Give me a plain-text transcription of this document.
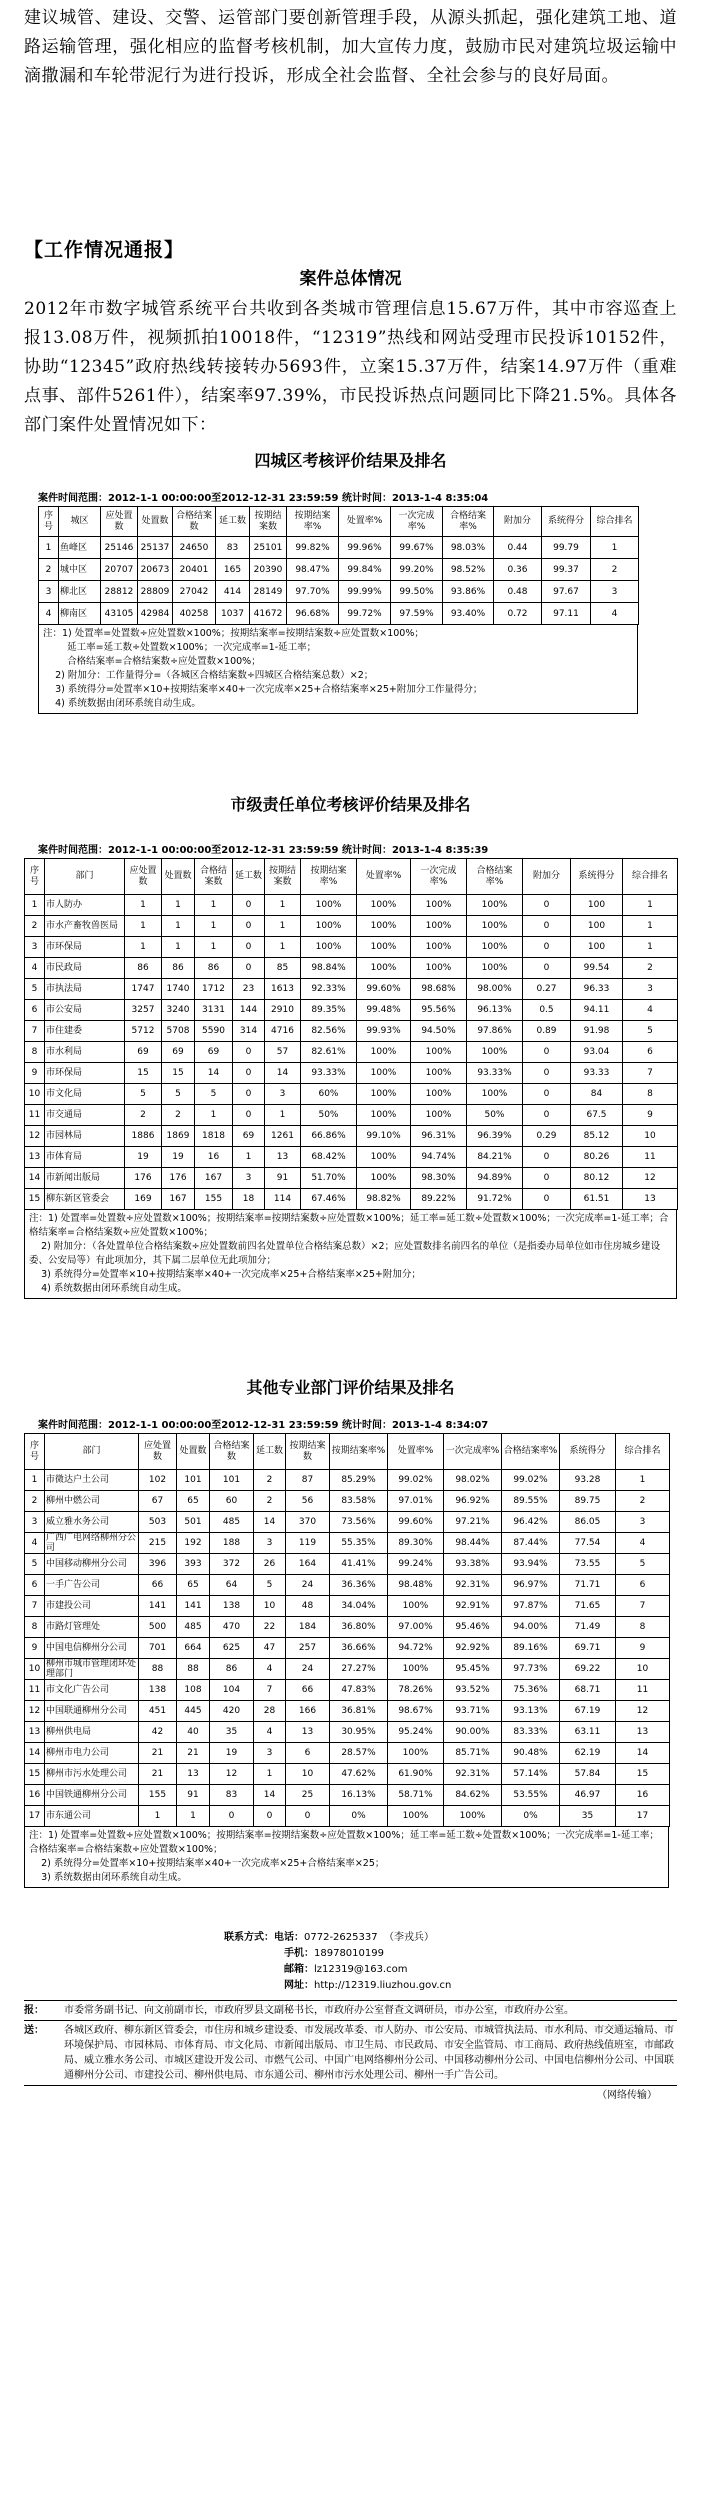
建议城管、建设、交警、运管部门要创新管理手段，从源头抓起，强化建筑工地、道路运输管理，强化相应的监督考核机制，加大宣传力度，鼓励市民对建筑垃圾运输中滴撒漏和车轮带泥行为进行投诉，形成全社会监督、全社会参与的良好局面。

【工作情况通报】
案件总体情况

2012年市数字城管系统平台共收到各类城市管理信息15.67万件，其中市容巡查上报13.08万件，视频抓拍10018件，“12319”热线和网站受理市民投诉10152件，协助“12345”政府热线转接转办5693件，立案15.37万件，结案14.97万件（重难点事、部件5261件），结案率97.39%，市民投诉热点问题同比下降21.5%。具体各部门案件处置情况如下：

四城区考核评价结果及排名
案件时间范围：2012-1-1 00:00:00至2012-12-31 23:59:59 统计时间：2013-1-4 8:35:04
序号	城区	应处置数	处置数	合格结案数	延工数	按期结案数	按期结案率%	处置率%	一次完成率%	合格结案率%	附加分	系统得分	综合排名
1	鱼峰区	25146	25137	24650	83	25101	99.82%	99.96%	99.67%	98.03%	0.44	99.79	1
2	城中区	20707	20673	20401	165	20390	98.47%	99.84%	99.20%	98.52%	0.36	99.37	2
3	柳北区	28812	28809	27042	414	28149	97.70%	99.99%	99.50%	93.86%	0.48	97.67	3
4	柳南区	43105	42984	40258	1037	41672	96.68%	99.72%	97.59%	93.40%	0.72	97.11	4

注：1) 处置率=处置数÷应处置数×100%；按期结案率=按期结案数÷应处置数×100%；

延工率=延工数÷处置数×100%；一次完成率=1-延工率；

合格结案率=合格结案数÷应处置数×100%；

2) 附加分：工作量得分=（各城区合格结案数÷四城区合格结案总数）×2；

3) 系统得分=处置率×10+按期结案率×40+一次完成率×25+合格结案率×25+附加分工作量得分；

4) 系统数据由闭环系统自动生成。

市级责任单位考核评价结果及排名
案件时间范围：2012-1-1 00:00:00至2012-12-31 23:59:59 统计时间：2013-1-4 8:35:39
序号	部门	应处置数	处置数	合格结案数	延工数	按期结案数	按期结案率%	处置率%	一次完成率%	合格结案率%	附加分	系统得分	综合排名
1	市人防办	1	1	1	0	1	100%	100%	100%	100%	0	100	1
2	市水产畜牧兽医局	1	1	1	0	1	100%	100%	100%	100%	0	100	1
3	市环保局	1	1	1	0	1	100%	100%	100%	100%	0	100	1
4	市民政局	86	86	86	0	85	98.84%	100%	100%	100%	0	99.54	2
5	市执法局	1747	1740	1712	23	1613	92.33%	99.60%	98.68%	98.00%	0.27	96.33	3
6	市公安局	3257	3240	3131	144	2910	89.35%	99.48%	95.56%	96.13%	0.5	94.11	4
7	市住建委	5712	5708	5590	314	4716	82.56%	99.93%	94.50%	97.86%	0.89	91.98	5
8	市水利局	69	69	69	0	57	82.61%	100%	100%	100%	0	93.04	6
9	市环保局	15	15	14	0	14	93.33%	100%	100%	93.33%	0	93.33	7
10	市文化局	5	5	5	0	3	60%	100%	100%	100%	0	84	8
11	市交通局	2	2	1	0	1	50%	100%	100%	50%	0	67.5	9
12	市园林局	1886	1869	1818	69	1261	66.86%	99.10%	96.31%	96.39%	0.29	85.12	10
13	市体育局	19	19	16	1	13	68.42%	100%	94.74%	84.21%	0	80.26	11
14	市新闻出版局	176	176	167	3	91	51.70%	100%	98.30%	94.89%	0	80.12	12
15	柳东新区管委会	169	167	155	18	114	67.46%	98.82%	89.22%	91.72%	0	61.51	13

注：1) 处置率=处置数÷应处置数×100%；按期结案率=按期结案数÷应处置数×100%；延工率=延工数÷处置数×100%；一次完成率=1-延工率；合格结案率=合格结案数÷应处置数×100%；

2) 附加分：（各处置单位合格结案数÷应处置数前四名处置单位合格结案总数）×2；应处置数排名前四名的单位（是指委办局单位如市住房城乡建设委、公安局等）有此项加分，其下属二层单位无此项加分；

3) 系统得分=处置率×10+按期结案率×40+一次完成率×25+合格结案率×25+附加分；

4) 系统数据由闭环系统自动生成。

其他专业部门评价结果及排名
案件时间范围：2012-1-1 00:00:00至2012-12-31 23:59:59 统计时间：2013-1-4 8:34:07
序号	部门	应处置数	处置数	合格结案数	延工数	按期结案数	按期结案率%	处置率%	一次完成率%	合格结案率%	系统得分	综合排名
1	市微达户土公司	102	101	101	2	87	85.29%	99.02%	98.02%	99.02%	93.28	1
2	柳州中燃公司	67	65	60	2	56	83.58%	97.01%	96.92%	89.55%	89.75	2
3	威立雅水务公司	503	501	485	14	370	73.56%	99.60%	97.21%	96.42%	86.05	3
4	广西广电网络柳州分公司	215	192	188	3	119	55.35%	89.30%	98.44%	87.44%	77.54	4
5	中国移动柳州分公司	396	393	372	26	164	41.41%	99.24%	93.38%	93.94%	73.55	5
6	一手广告公司	66	65	64	5	24	36.36%	98.48%	92.31%	96.97%	71.71	6
7	市建投公司	141	141	138	10	48	34.04%	100%	92.91%	97.87%	71.65	7
8	市路灯管理处	500	485	470	22	184	36.80%	97.00%	95.46%	94.00%	71.49	8
9	中国电信柳州分公司	701	664	625	47	257	36.66%	94.72%	92.92%	89.16%	69.71	9
10	柳州市城市管理闭环处理部门	88	88	86	4	24	27.27%	100%	95.45%	97.73%	69.22	10
11	市文化广告公司	138	108	104	7	66	47.83%	78.26%	93.52%	75.36%	68.71	11
12	中国联通柳州分公司	451	445	420	28	166	36.81%	98.67%	93.71%	93.13%	67.19	12
13	柳州供电局	42	40	35	4	13	30.95%	95.24%	90.00%	83.33%	63.11	13
14	柳州市电力公司	21	21	19	3	6	28.57%	100%	85.71%	90.48%	62.19	14
15	柳州市污水处理公司	21	13	12	1	10	47.62%	61.90%	92.31%	57.14%	57.84	15
16	中国铁通柳州分公司	155	91	83	14	25	16.13%	58.71%	84.62%	53.55%	46.97	16
17	市东通公司	1	1	0	0	0	0%	100%	100%	0%	35	17

注：1) 处置率=处置数÷应处置数×100%；按期结案率=按期结案数÷应处置数×100%；延工率=延工数÷处置数×100%；一次完成率=1-延工率；合格结案率=合格结案数÷应处置数×100%；

2) 系统得分=处置率×10+按期结案率×40+一次完成率×25+合格结案率×25；

3) 系统数据由闭环系统自动生成。

联系方式：电话：0772-2625337 （李戎兵）
手机：18978010199
邮箱：lz12319@163.com
网址：http://12319.liuzhou.gov.cn
报：	市委常务副书记、向文前副市长，市政府罗县文副秘书长，市政府办公室督查文调研员，市办公室，市政府办公室。
送：	各城区政府、柳东新区管委会，市住房和城乡建设委、市发展改革委、市人防办、市公安局、市城管执法局、市水利局、市交通运输局、市环境保护局、市园林局、市体育局、市文化局、市新闻出版局、市卫生局、市民政局、市安全监管局、市工商局、政府热线值班室，市邮政局、威立雅水务公司、市城区建设开发公司、市燃气公司、中国广电网络柳州分公司、中国移动柳州分公司、中国电信柳州分公司、中国联通柳州分公司、市建投公司、柳州供电局、市东通公司、柳州市污水处理公司、柳州一手广告公司。
（网络传输）
